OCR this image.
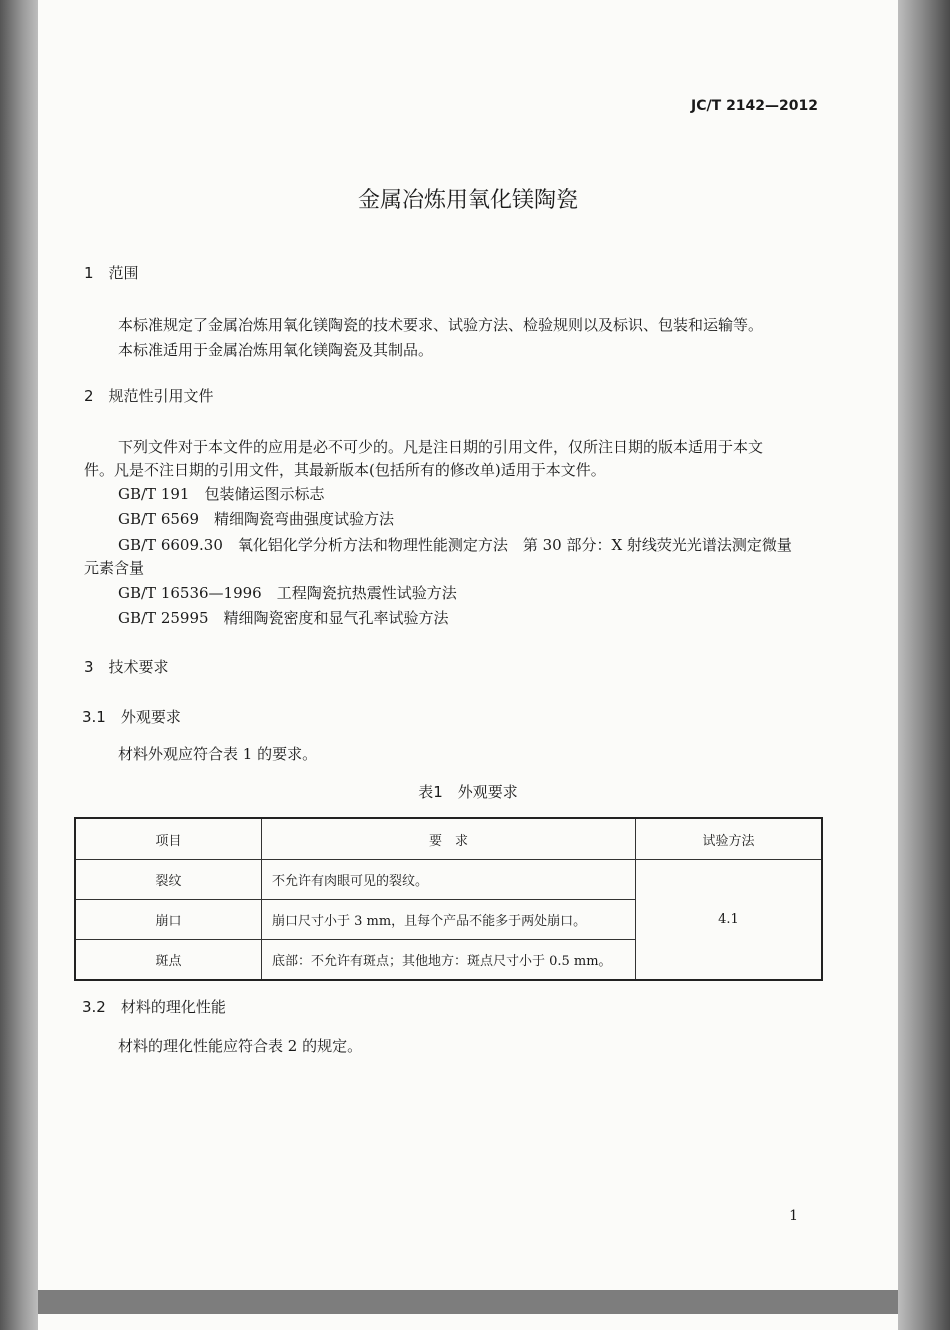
JC/T 2142—2012
金属冶炼用氧化镁陶瓷
1　范围
本标准规定了金属冶炼用氧化镁陶瓷的技术要求、试验方法、检验规则以及标识、包装和运输等。
本标准适用于金属冶炼用氧化镁陶瓷及其制品。
2　规范性引用文件
下列文件对于本文件的应用是必不可少的。凡是注日期的引用文件，仅所注日期的版本适用于本文
件。凡是不注日期的引用文件，其最新版本(包括所有的修改单)适用于本文件。
GB/T 191　包装储运图示标志
GB/T 6569　精细陶瓷弯曲强度试验方法
GB/T 6609.30　氧化铝化学分析方法和物理性能测定方法　第 30 部分：X 射线荧光光谱法测定微量
元素含量
GB/T 16536—1996　工程陶瓷抗热震性试验方法
GB/T 25995　精细陶瓷密度和显气孔率试验方法
3　技术要求
3.1　外观要求
材料外观应符合表 1 的要求。
表1　外观要求
项目	要　求	试验方法
裂纹	不允许有肉眼可见的裂纹。	4.1
崩口	崩口尺寸小于 3 mm，且每个产品不能多于两处崩口。	
斑点	底部：不允许有斑点；其他地方：斑点尺寸小于 0.5 mm。	
3.2　材料的理化性能
材料的理化性能应符合表 2 的规定。
1
